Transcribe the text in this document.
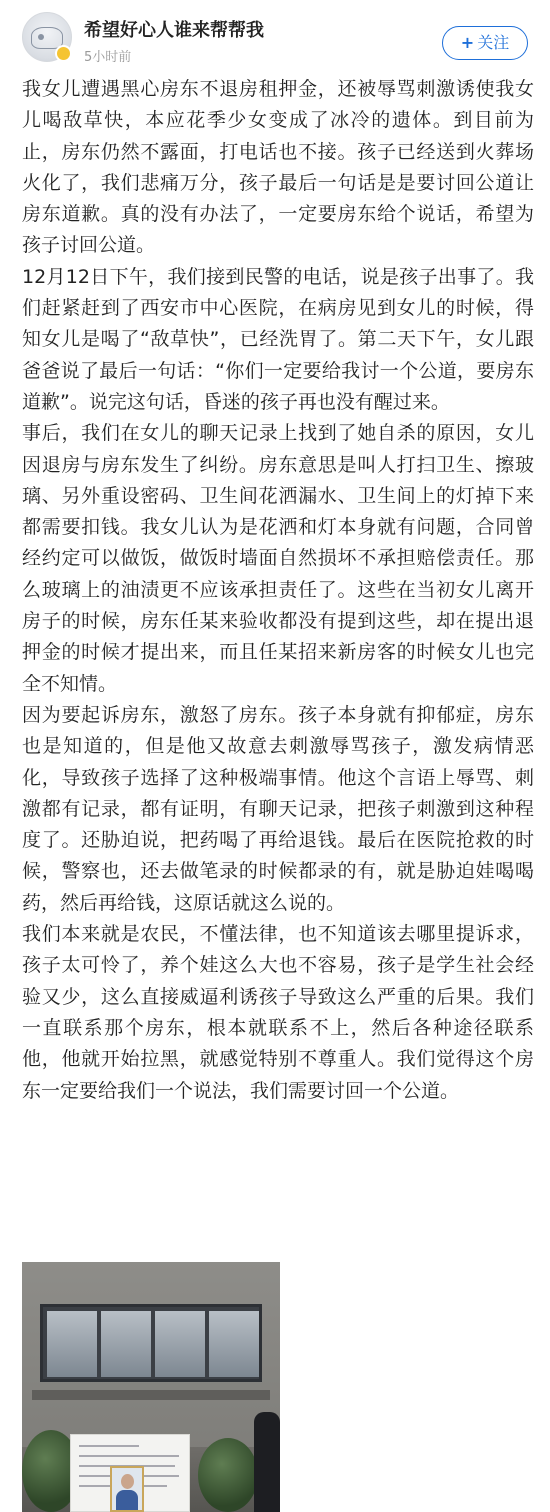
希望好心人谁来帮帮我
5小时前
+ 关注

我女儿遭遇黑心房东不退房租押金，还被辱骂刺激诱使我女儿喝敌草快，本应花季少女变成了冰冷的遗体。到目前为止，房东仍然不露面，打电话也不接。孩子已经送到火葬场火化了，我们悲痛万分，孩子最后一句话是是要讨回公道让房东道歉。真的没有办法了，一定要房东给个说话，希望为孩子讨回公道。

12月12日下午，我们接到民警的电话，说是孩子出事了。我们赶紧赶到了西安市中心医院，在病房见到女儿的时候，得知女儿是喝了“敌草快”，已经洗胃了。第二天下午，女儿跟爸爸说了最后一句话：“你们一定要给我讨一个公道，要房东道歉”。说完这句话，昏迷的孩子再也没有醒过来。

事后，我们在女儿的聊天记录上找到了她自杀的原因，女儿因退房与房东发生了纠纷。房东意思是叫人打扫卫生、擦玻璃、另外重设密码、卫生间花洒漏水、卫生间上的灯掉下来都需要扣钱。我女儿认为是花洒和灯本身就有问题，合同曾经约定可以做饭，做饭时墙面自然损坏不承担赔偿责任。那么玻璃上的油渍更不应该承担责任了。这些在当初女儿离开房子的时候，房东任某来验收都没有提到这些，却在提出退押金的时候才提出来，而且任某招来新房客的时候女儿也完全不知情。

因为要起诉房东，激怒了房东。孩子本身就有抑郁症，房东也是知道的，但是他又故意去刺激辱骂孩子，激发病情恶化，导致孩子选择了这种极端事情。他这个言语上辱骂、刺激都有记录，都有证明，有聊天记录，把孩子刺激到这种程度了。还胁迫说，把药喝了再给退钱。最后在医院抢救的时候，警察也，还去做笔录的时候都录的有，就是胁迫娃喝喝药，然后再给钱，这原话就这么说的。

我们本来就是农民，不懂法律，也不知道该去哪里提诉求，孩子太可怜了，养个娃这么大也不容易，孩子是学生社会经验又少，这么直接威逼利诱孩子导致这么严重的后果。我们一直联系那个房东，根本就联系不上，然后各种途径联系他，他就开始拉黑，就感觉特别不尊重人。我们觉得这个房东一定要给我们一个说法，我们需要讨回一个公道。
